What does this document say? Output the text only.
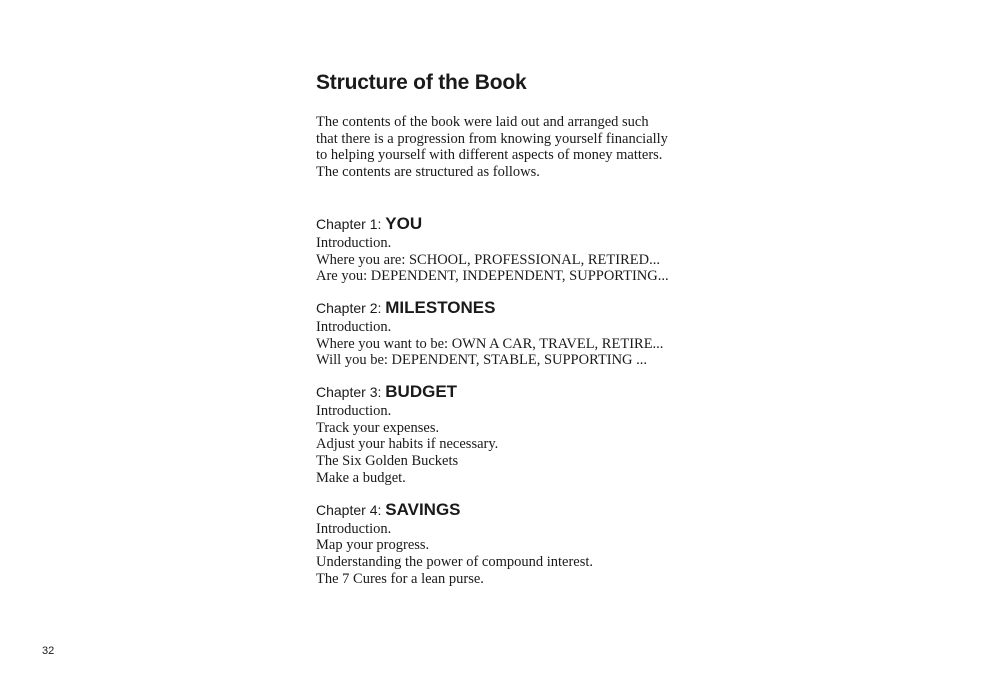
Structure of the Book
The contents of the book were laid out and arranged such
that there is a progression from knowing yourself financially
to helping yourself with different aspects of money matters.
The contents are structured as follows.
Chapter 1: YOU
Introduction.
Where you are: SCHOOL, PROFESSIONAL, RETIRED...
Are you: DEPENDENT, INDEPENDENT, SUPPORTING...
Chapter 2: MILESTONES
Introduction.
Where you want to be: OWN A CAR, TRAVEL, RETIRE...
Will you be: DEPENDENT, STABLE, SUPPORTING ...
Chapter 3: BUDGET
Introduction.
Track your expenses.
Adjust your habits if necessary.
The Six Golden Buckets
Make a budget.
Chapter 4: SAVINGS
Introduction.
Map your progress.
Understanding the power of compound interest.
The 7 Cures for a lean purse.
32
